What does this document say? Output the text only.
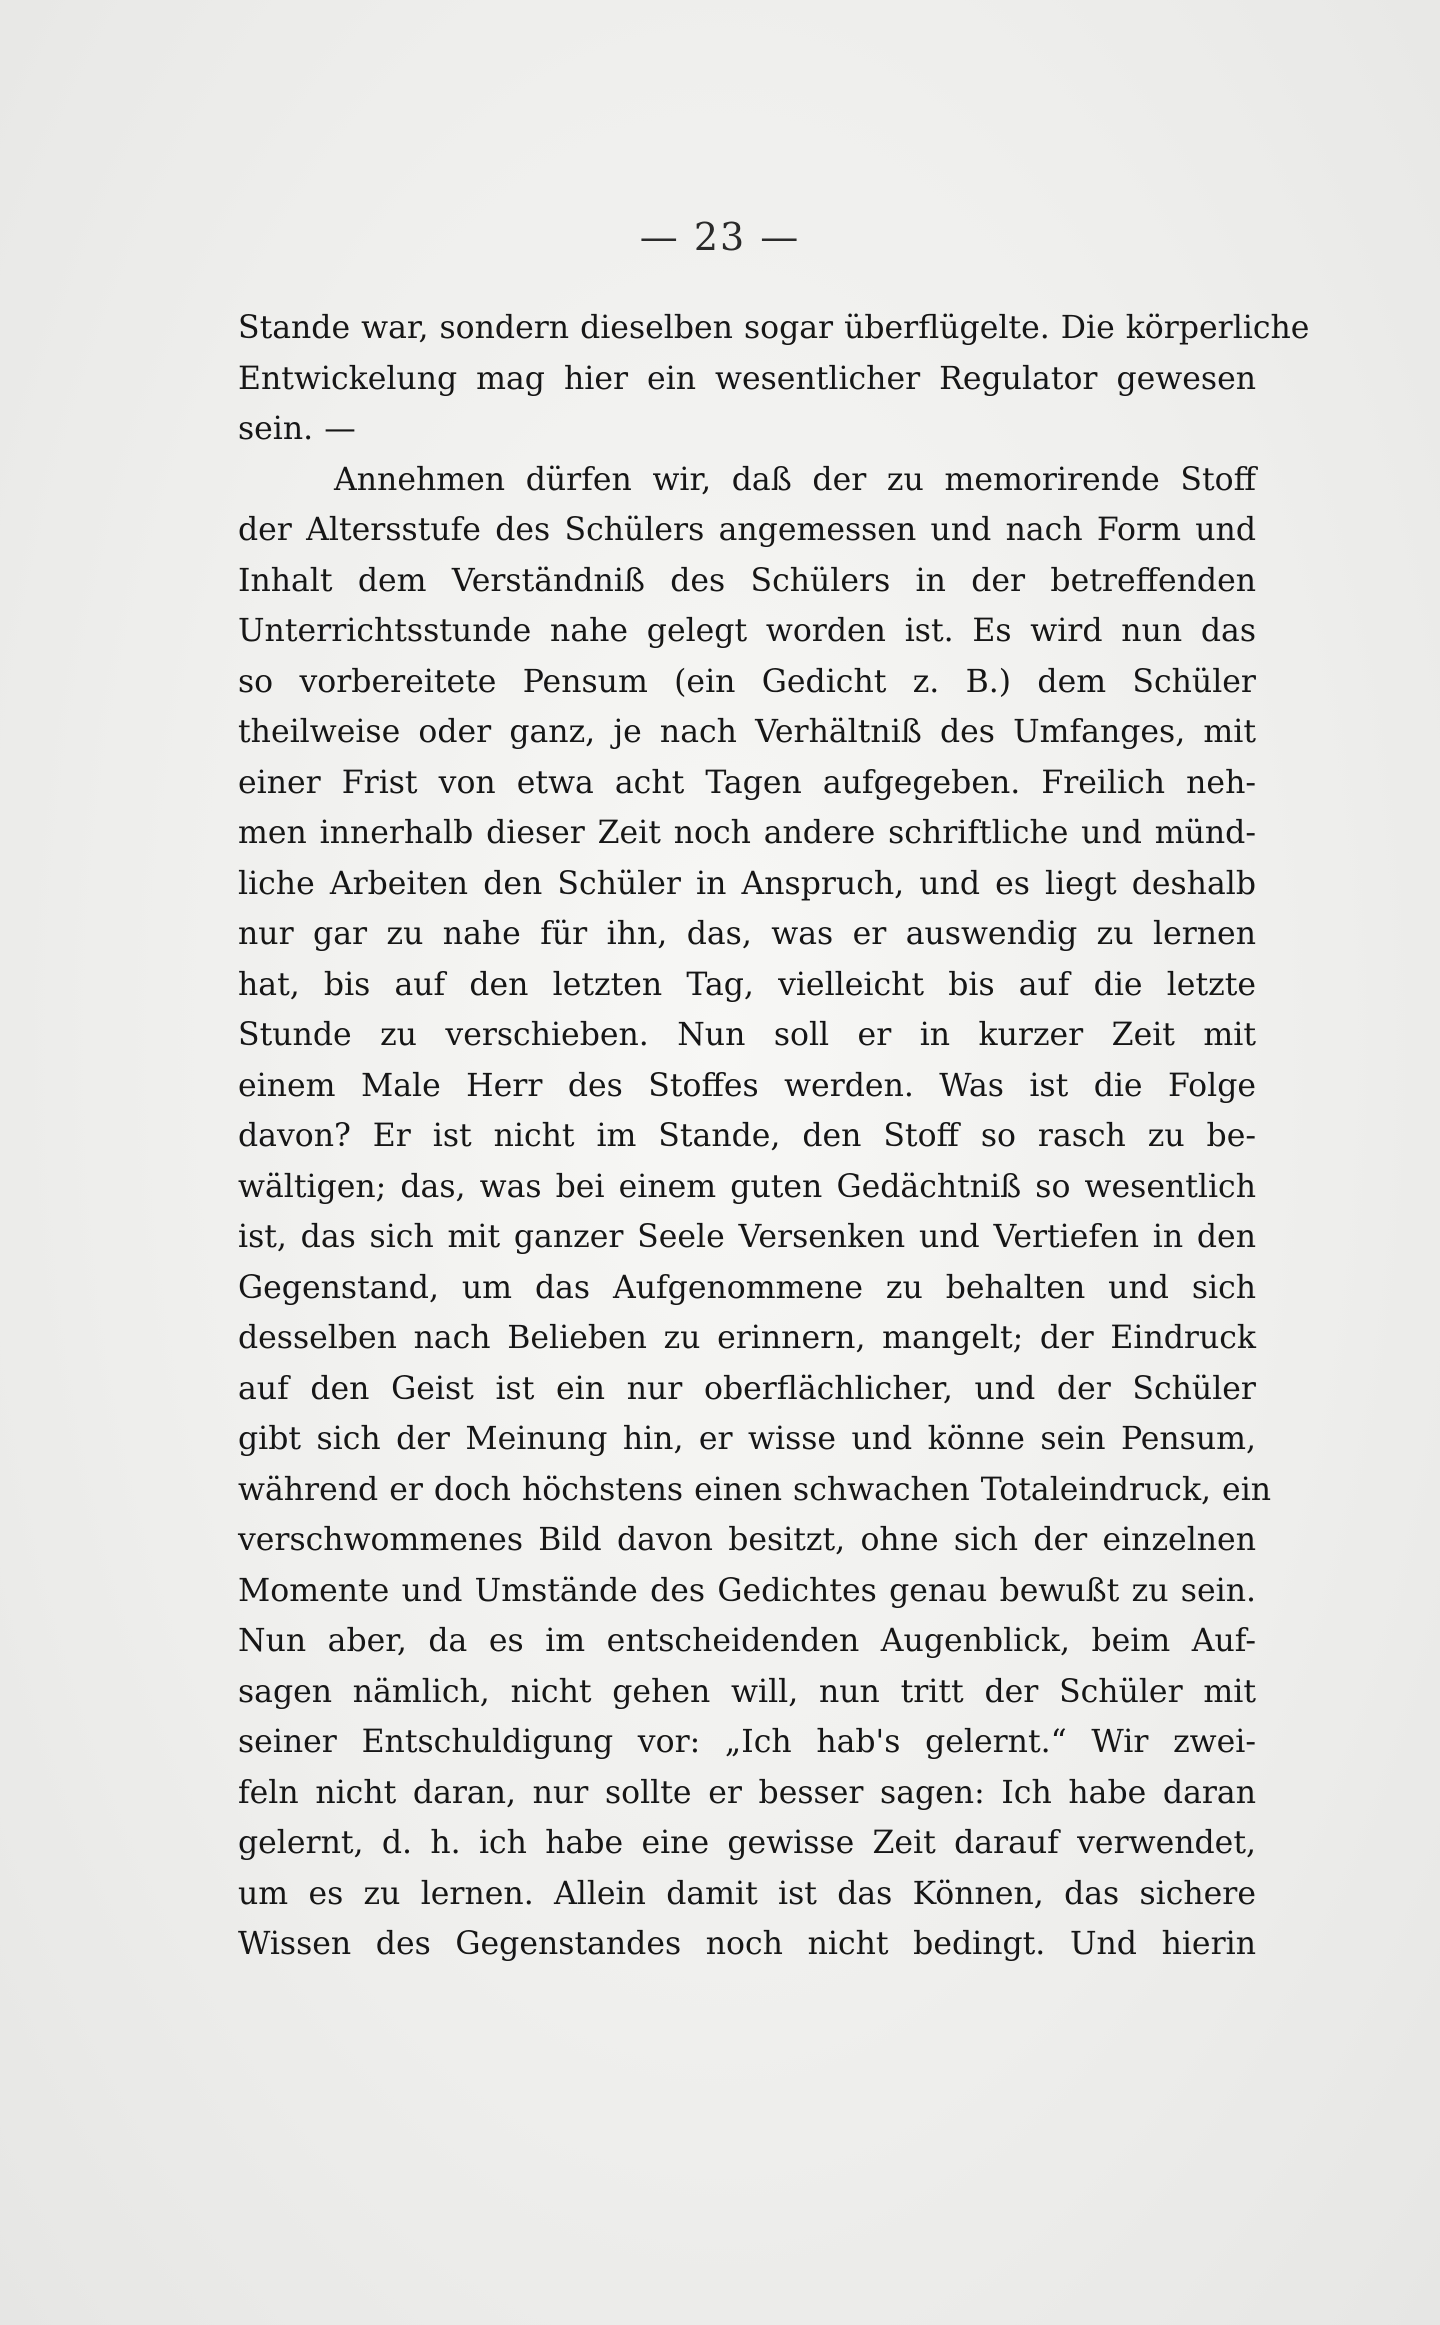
— 23 —
Stande war, sondern dieselben sogar überflügelte. Die körperliche
Entwickelung mag hier ein wesentlicher Regulator gewesen
sein. —
Annehmen dürfen wir, daß der zu memorirende Stoff
der Altersstufe des Schülers angemessen und nach Form und
Inhalt dem Verständniß des Schülers in der betreffenden
Unterrichtsstunde nahe gelegt worden ist. Es wird nun das
so vorbereitete Pensum (ein Gedicht z. B.) dem Schüler
theilweise oder ganz, je nach Verhältniß des Umfanges, mit
einer Frist von etwa acht Tagen aufgegeben. Freilich neh-
men innerhalb dieser Zeit noch andere schriftliche und münd-
liche Arbeiten den Schüler in Anspruch, und es liegt deshalb
nur gar zu nahe für ihn, das, was er auswendig zu lernen
hat, bis auf den letzten Tag, vielleicht bis auf die letzte
Stunde zu verschieben. Nun soll er in kurzer Zeit mit
einem Male Herr des Stoffes werden. Was ist die Folge
davon? Er ist nicht im Stande, den Stoff so rasch zu be-
wältigen; das, was bei einem guten Gedächtniß so wesentlich
ist, das sich mit ganzer Seele Versenken und Vertiefen in den
Gegenstand, um das Aufgenommene zu behalten und sich
desselben nach Belieben zu erinnern, mangelt; der Eindruck
auf den Geist ist ein nur oberflächlicher, und der Schüler
gibt sich der Meinung hin, er wisse und könne sein Pensum,
während er doch höchstens einen schwachen Totaleindruck, ein
verschwommenes Bild davon besitzt, ohne sich der einzelnen
Momente und Umstände des Gedichtes genau bewußt zu sein.
Nun aber, da es im entscheidenden Augenblick, beim Auf-
sagen nämlich, nicht gehen will, nun tritt der Schüler mit
seiner Entschuldigung vor: „Ich hab's gelernt.“ Wir zwei-
feln nicht daran, nur sollte er besser sagen: Ich habe daran
gelernt, d. h. ich habe eine gewisse Zeit darauf verwendet,
um es zu lernen. Allein damit ist das Können, das sichere
Wissen des Gegenstandes noch nicht bedingt. Und hierin
